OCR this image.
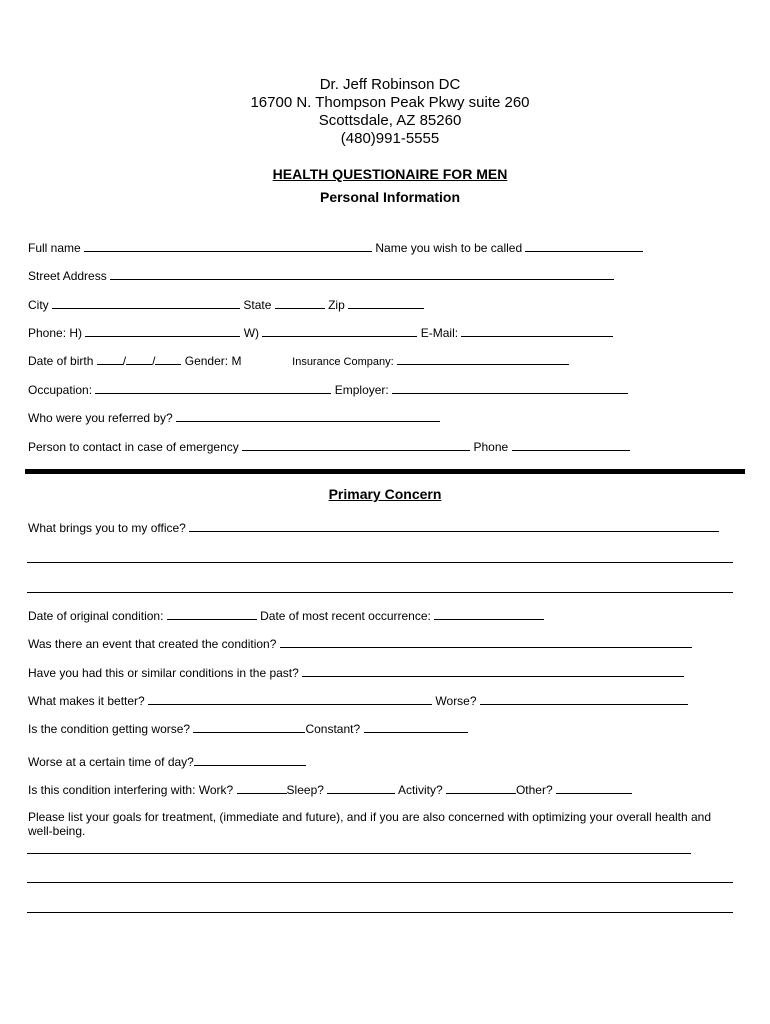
Dr. Jeff Robinson DC
16700 N. Thompson Peak Pkwy suite 260
Scottsdale, AZ 85260
(480)991-5555
HEALTH QUESTIONAIRE FOR MEN
Personal Information
Full name	Name you wish to be called
Street Address
City	State	Zip
Phone: H)	W)	E-Mail:
Date of birth / / Gender: M	Insurance Company:
Occupation:	Employer:
Who were you referred by?
Person to contact in case of emergency	Phone
Primary Concern
What brings you to my office?
Date of original condition:	Date of most recent occurrence:
Was there an event that created the condition?
Have you had this or similar conditions in the past?
What makes it better?	Worse?
Is the condition getting worse?	Constant?
Worse at a certain time of day?
Is this condition interfering with: Work?	Sleep?	Activity?	Other?
Please list your goals for treatment, (immediate and future), and if you are also concerned with optimizing your overall health and well-being.
